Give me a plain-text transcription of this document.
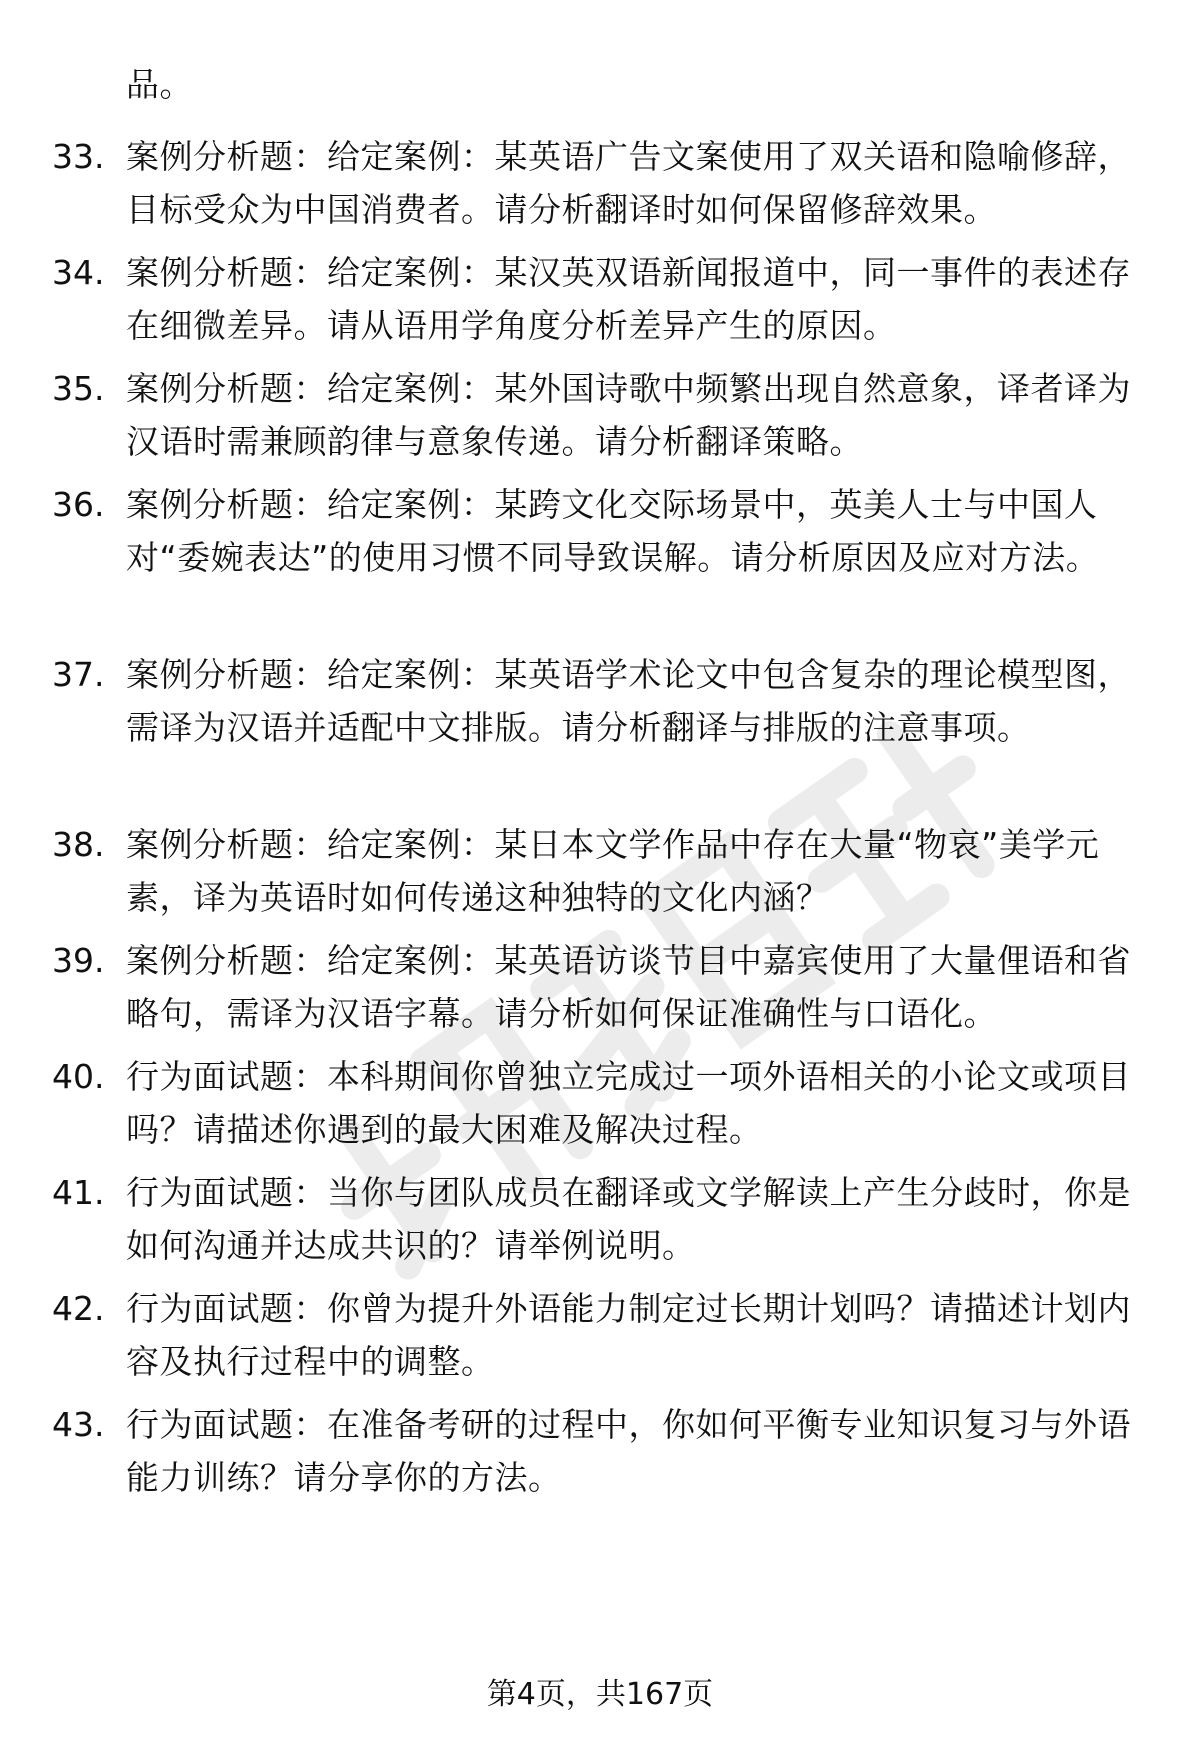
品。
33. 案例分析题：给定案例：某英语广告文案使用了双关语和隐喻修辞，目标受众为中国消费者。请分析翻译时如何保留修辞效果。
34. 案例分析题：给定案例：某汉英双语新闻报道中，同一事件的表述存在细微差异。请从语用学角度分析差异产生的原因。
35. 案例分析题：给定案例：某外国诗歌中频繁出现自然意象，译者译为汉语时需兼顾韵律与意象传递。请分析翻译策略。
36. 案例分析题：给定案例：某跨文化交际场景中，英美人士与中国人对“委婉表达”的使用习惯不同导致误解。请分析原因及应对方法。
37. 案例分析题：给定案例：某英语学术论文中包含复杂的理论模型图，需译为汉语并适配中文排版。请分析翻译与排版的注意事项。
38. 案例分析题：给定案例：某日本文学作品中存在大量“物哀”美学元素，译为英语时如何传递这种独特的文化内涵？
39. 案例分析题：给定案例：某英语访谈节目中嘉宾使用了大量俚语和省略句，需译为汉语字幕。请分析如何保证准确性与口语化。
40. 行为面试题：本科期间你曾独立完成过一项外语相关的小论文或项目吗？请描述你遇到的最大困难及解决过程。
41. 行为面试题：当你与团队成员在翻译或文学解读上产生分歧时，你是如何沟通并达成共识的？请举例说明。
42. 行为面试题：你曾为提升外语能力制定过长期计划吗？请描述计划内容及执行过程中的调整。
43. 行为面试题：在准备考研的过程中，你如何平衡专业知识复习与外语能力训练？请分享你的方法。
第4页，共167页
